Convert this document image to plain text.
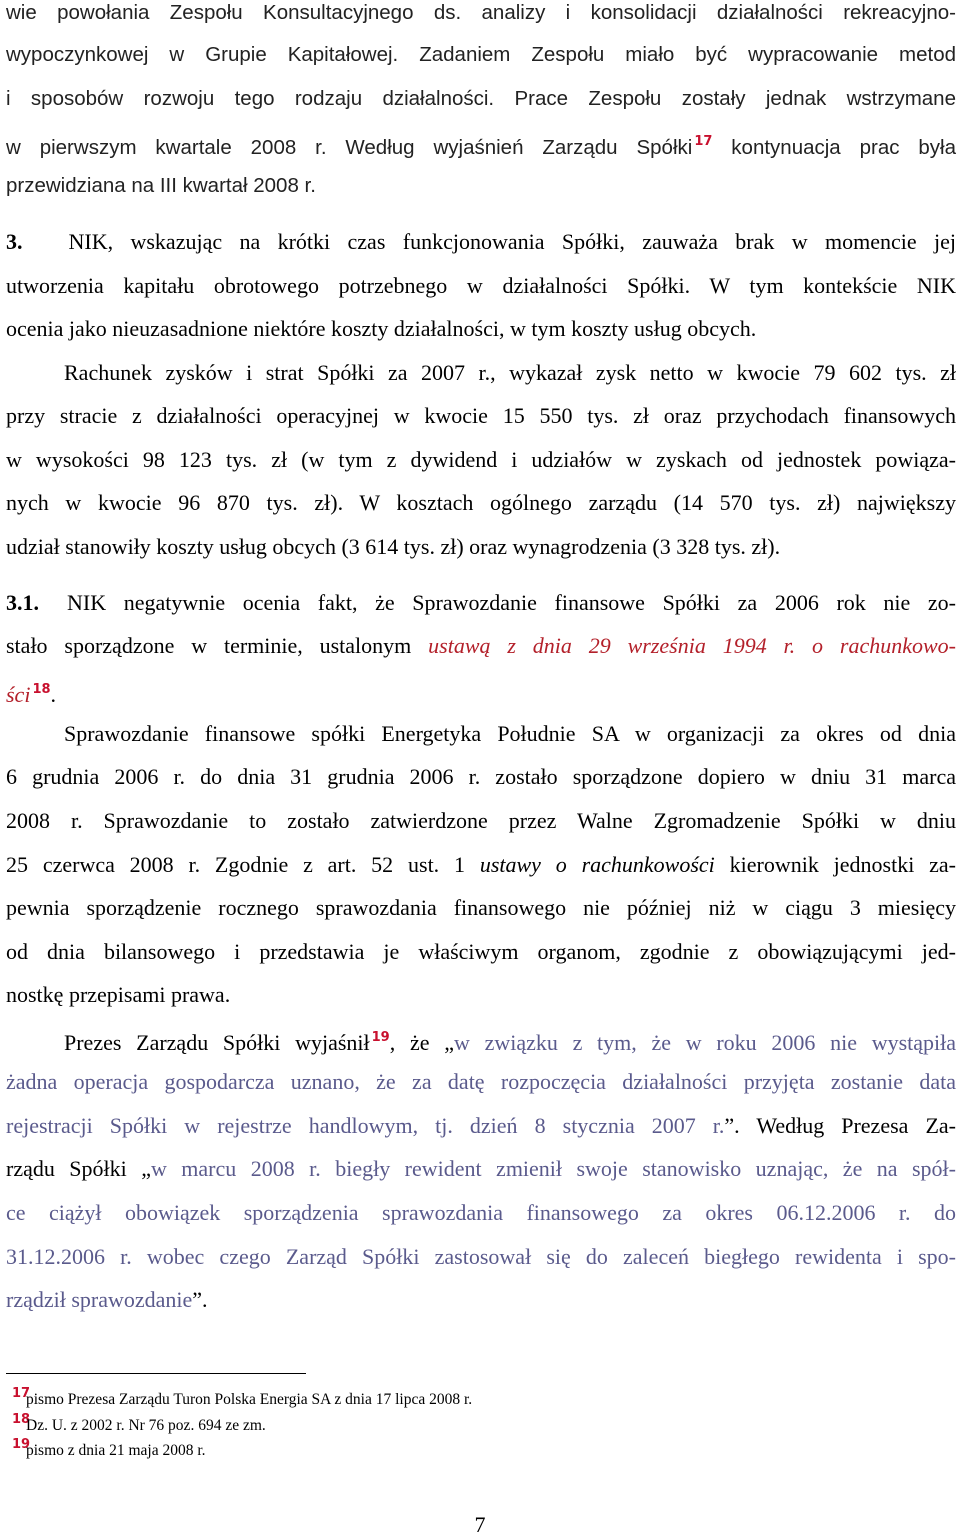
wie powołania Zespołu Konsultacyjnego ds. analizy i konsolidacji działalności rekreacyjno-
wypoczynkowej w Grupie Kapitałowej. Zadaniem Zespołu miało być wypracowanie metod
i sposobów rozwoju tego rodzaju działalności. Prace Zespołu zostały jednak wstrzymane
w pierwszym kwartale 2008 r. Według wyjaśnień Zarządu Spółki $^{17}$ kontynuacja prac była
przewidziana na III kwartał 2008 r.
3. NIK, wskazując na krótki czas funkcjonowania Spółki, zauważa brak w momencie jej
utworzenia kapitału obrotowego potrzebnego w działalności Spółki. W tym kontekście NIK
ocenia jako nieuzasadnione niektóre koszty działalności, w tym koszty usług obcych.
Rachunek zysków i strat Spółki za 2007 r., wykazał zysk netto w kwocie 79 602 tys. zł
przy stracie z działalności operacyjnej w kwocie 15 550 tys. zł oraz przychodach finansowych
w wysokości 98 123 tys. zł (w tym z dywidend i udziałów w zyskach od jednostek powiąza-
nych w kwocie 96 870 tys. zł). W kosztach ogólnego zarządu (14 570 tys. zł) największy
udział stanowiły koszty usług obcych (3 614 tys. zł) oraz wynagrodzenia (3 328 tys. zł).
3.1. NIK negatywnie ocenia fakt, że Sprawozdanie finansowe Spółki za 2006 rok nie zo-
stało sporządzone w terminie, ustalonym ustawą z dnia 29 września 1994 r. o rachunkowo-
ści $^{18}$.
Sprawozdanie finansowe spółki Energetyka Południe SA w organizacji za okres od dnia
6 grudnia 2006 r. do dnia 31 grudnia 2006 r. zostało sporządzone dopiero w dniu 31 marca
2008 r. Sprawozdanie to zostało zatwierdzone przez Walne Zgromadzenie Spółki w dniu
25 czerwca 2008 r. Zgodnie z art. 52 ust. 1 ustawy o rachunkowości kierownik jednostki za-
pewnia sporządzenie rocznego sprawozdania finansowego nie później niż w ciągu 3 miesięcy
od dnia bilansowego i przedstawia je właściwym organom, zgodnie z obowiązującymi jed-
nostkę przepisami prawa.
Prezes Zarządu Spółki wyjaśnił $^{19}$, że „w związku z tym, że w roku 2006 nie wystąpiła
żadna operacja gospodarcza uznano, że za datę rozpoczęcia działalności przyjęta zostanie data
rejestracji Spółki w rejestrze handlowym, tj. dzień 8 stycznia 2007 r.”. Według Prezesa Za-
rządu Spółki „w marcu 2008 r. biegły rewident zmienił swoje stanowisko uznając, że na spół-
ce ciążył obowiązek sporządzenia sprawozdania finansowego za okres 06.12.2006 r. do
31.12.2006 r. wobec czego Zarząd Spółki zastosował się do zaleceń biegłego rewidenta i spo-
rządził sprawozdanie”.
17
pismo Prezesa Zarządu Turon Polska Energia SA z dnia 17 lipca 2008 r.
18
Dz. U. z 2002 r. Nr 76 poz. 694 ze zm.
19
pismo z dnia 21 maja 2008 r.
7
